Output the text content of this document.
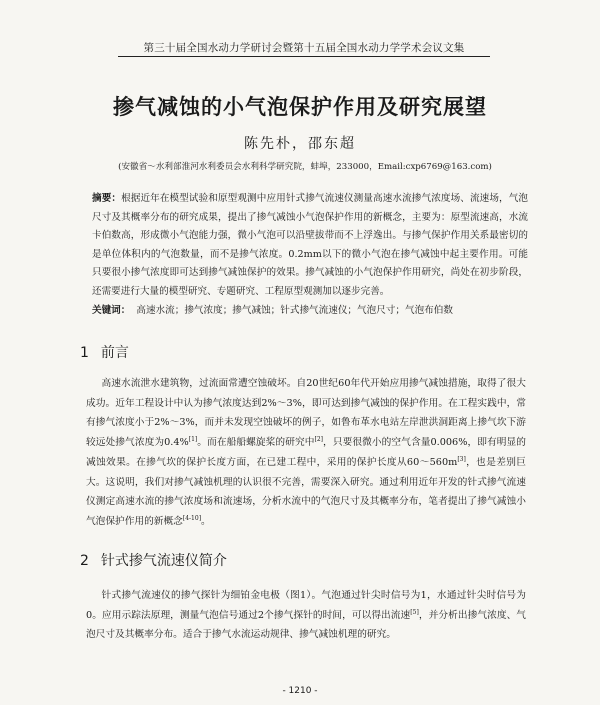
第三十届全国水动力学研讨会暨第十五届全国水动力学学术会议文集
掺气减蚀的小气泡保护作用及研究展望
陈先朴，邵东超
(安徽省～水利部淮河水利委员会水利科学研究院，蚌埠，233000，Email:cxp6769@163.com)
摘要：根据近年在模型试验和原型观测中应用针式掺气流速仪测量高速水流掺气浓度场、流速场，气泡尺寸及其概率分布的研究成果，提出了掺气减蚀小气泡保护作用的新概念，主要为：原型流速高，水流卡伯数高，形成微小气泡能力强，微小气泡可以沿壁拔带而不上浮逸出。与掺气保护作用关系最密切的是单位体积内的气泡数量，而不是掺气浓度。0.2mm以下的微小气泡在掺气减蚀中起主要作用。可能只要很小掺气浓度即可达到掺气减蚀保护的效果。掺气减蚀的小气泡保护作用研究，尚处在初步阶段，还需要进行大量的模型研究、专题研究、工程原型观测加以逐步完善。
关键词： 高速水流；掺气浓度；掺气减蚀；针式掺气流速仪；气泡尺寸；气泡布伯数
1 前言
高速水流泄水建筑物，过流面常遭空蚀破坏。自20世纪60年代开始应用掺气减蚀措施，取得了很大成功。近年工程设计中认为掺气浓度达到2%～3%，即可达到掺气减蚀的保护作用。在工程实践中，常有掺气浓度小于2%～3%，而并未发现空蚀破坏的例子，如鲁布革水电站左岸泄洪洞距离上掺气坎下游较远处掺气浓度为0.4%[1]。而在船船螺旋桨的研究中[2]，只要很微小的空气含量0.006%，即有明显的减蚀效果。在掺气坎的保护长度方面，在已建工程中，采用的保护长度从60～560m[3]，也是差别巨大。这说明，我们对掺气减蚀机理的认识很不完善，需要深入研究。通过利用近年开发的针式掺气流速仪测定高速水流的掺气浓度场和流速场，分析水流中的气泡尺寸及其概率分布，笔者提出了掺气减蚀小气泡保护作用的新概念[4-10]。
2 针式掺气流速仪简介
针式掺气流速仪的掺气探针为细铂金电极（图1）。气泡通过针尖时信号为1，水通过针尖时信号为0。应用示踪法原理，测量气泡信号通过2个掺气探针的时间，可以得出流速[5]，并分析出掺气浓度、气泡尺寸及其概率分布。适合于掺气水流运动规律、掺气减蚀机理的研究。
- 1210 -
